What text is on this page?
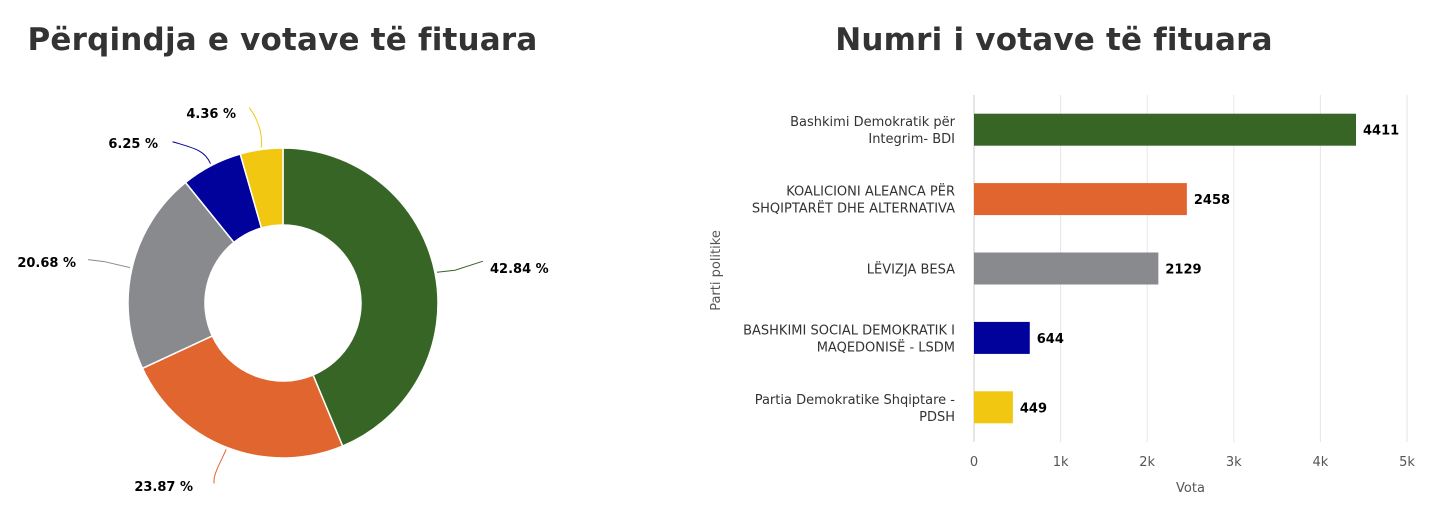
Përqindja e votave të fituara	Numri i votave të fituara
42.84 %
23.87 %
20.68 %
6.25 %
4.36 %
0	1k	2k	3k	4k	5k
4411
Bashkimi Demokratik për Integrim- BDI
2458
KOALICIONI ALEANCA PËR SHQIPTARËT DHE ALTERNATIVA
2129
LËVIZJA BESA
644
BASHKIMI SOCIAL DEMOKRATIK I MAQEDONISË - LSDM
449
Partia Demokratike Shqiptare -PDSH
Vota
Parti politike
